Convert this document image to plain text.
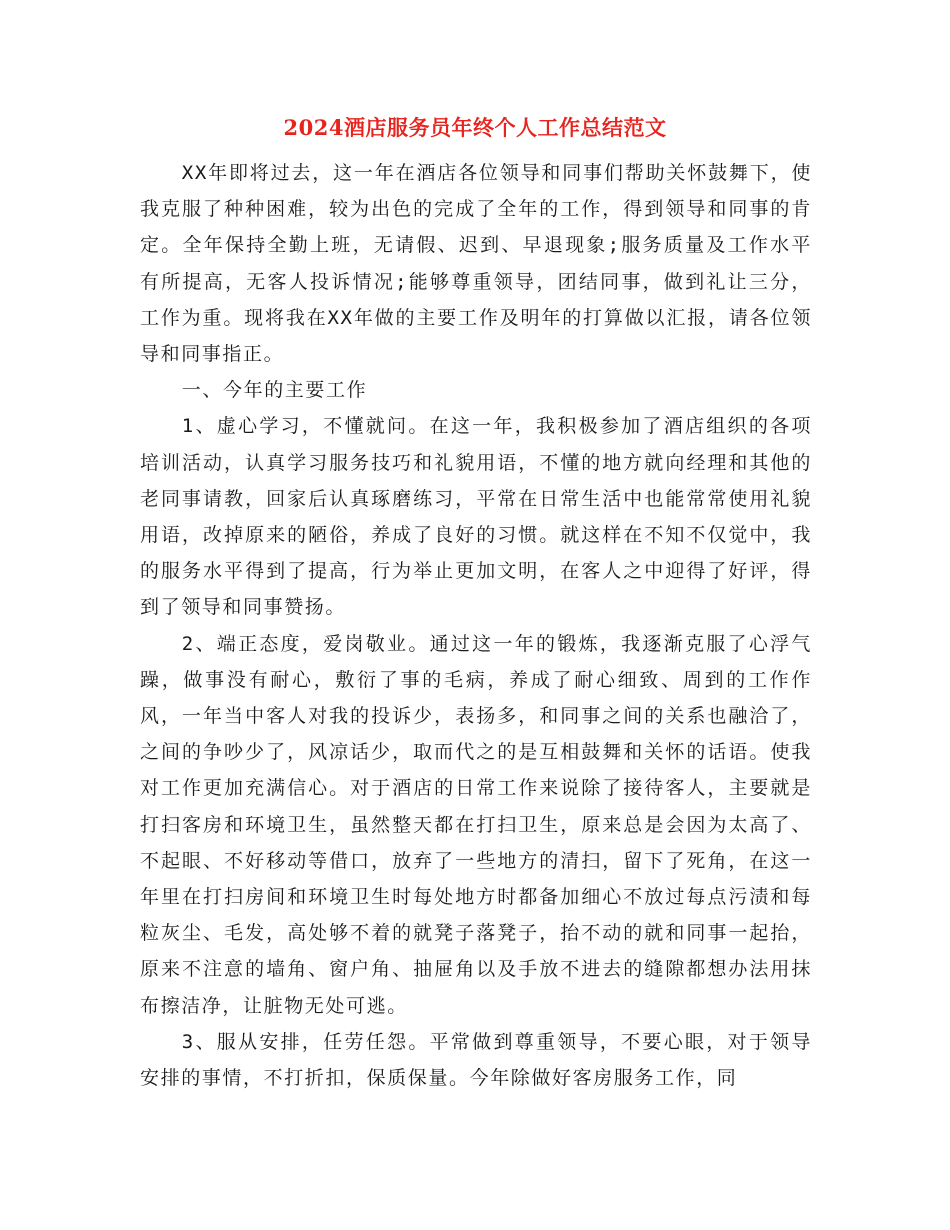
2024酒店服务员年终个人工作总结范文

XX年即将过去，这一年在酒店各位领导和同事们帮助关怀鼓舞下，使我克服了种种困难，较为出色的完成了全年的工作，得到领导和同事的肯定。全年保持全勤上班，无请假、迟到、早退现象;服务质量及工作水平有所提高，无客人投诉情况;能够尊重领导，团结同事，做到礼让三分，工作为重。现将我在XX年做的主要工作及明年的打算做以汇报，请各位领导和同事指正。

一、今年的主要工作

1、虚心学习，不懂就问。在这一年，我积极参加了酒店组织的各项培训活动，认真学习服务技巧和礼貌用语，不懂的地方就向经理和其他的老同事请教，回家后认真琢磨练习，平常在日常生活中也能常常使用礼貌用语，改掉原来的陋俗，养成了良好的习惯。就这样在不知不仅觉中，我的服务水平得到了提高，行为举止更加文明，在客人之中迎得了好评，得到了领导和同事赞扬。

2、端正态度，爱岗敬业。通过这一年的锻炼，我逐渐克服了心浮气躁，做事没有耐心，敷衍了事的毛病，养成了耐心细致、周到的工作作风，一年当中客人对我的投诉少，表扬多，和同事之间的关系也融洽了，之间的争吵少了，风凉话少，取而代之的是互相鼓舞和关怀的话语。使我对工作更加充满信心。对于酒店的日常工作来说除了接待客人，主要就是打扫客房和环境卫生，虽然整天都在打扫卫生，原来总是会因为太高了、不起眼、不好移动等借口，放弃了一些地方的清扫，留下了死角，在这一年里在打扫房间和环境卫生时每处地方时都备加细心不放过每点污渍和每粒灰尘、毛发，高处够不着的就凳子落凳子，抬不动的就和同事一起抬，原来不注意的墙角、窗户角、抽屉角以及手放不进去的缝隙都想办法用抹布擦洁净，让脏物无处可逃。

3、服从安排，任劳任怨。平常做到尊重领导，不要心眼，对于领导安排的事情，不打折扣，保质保量。今年除做好客房服务工作，同
